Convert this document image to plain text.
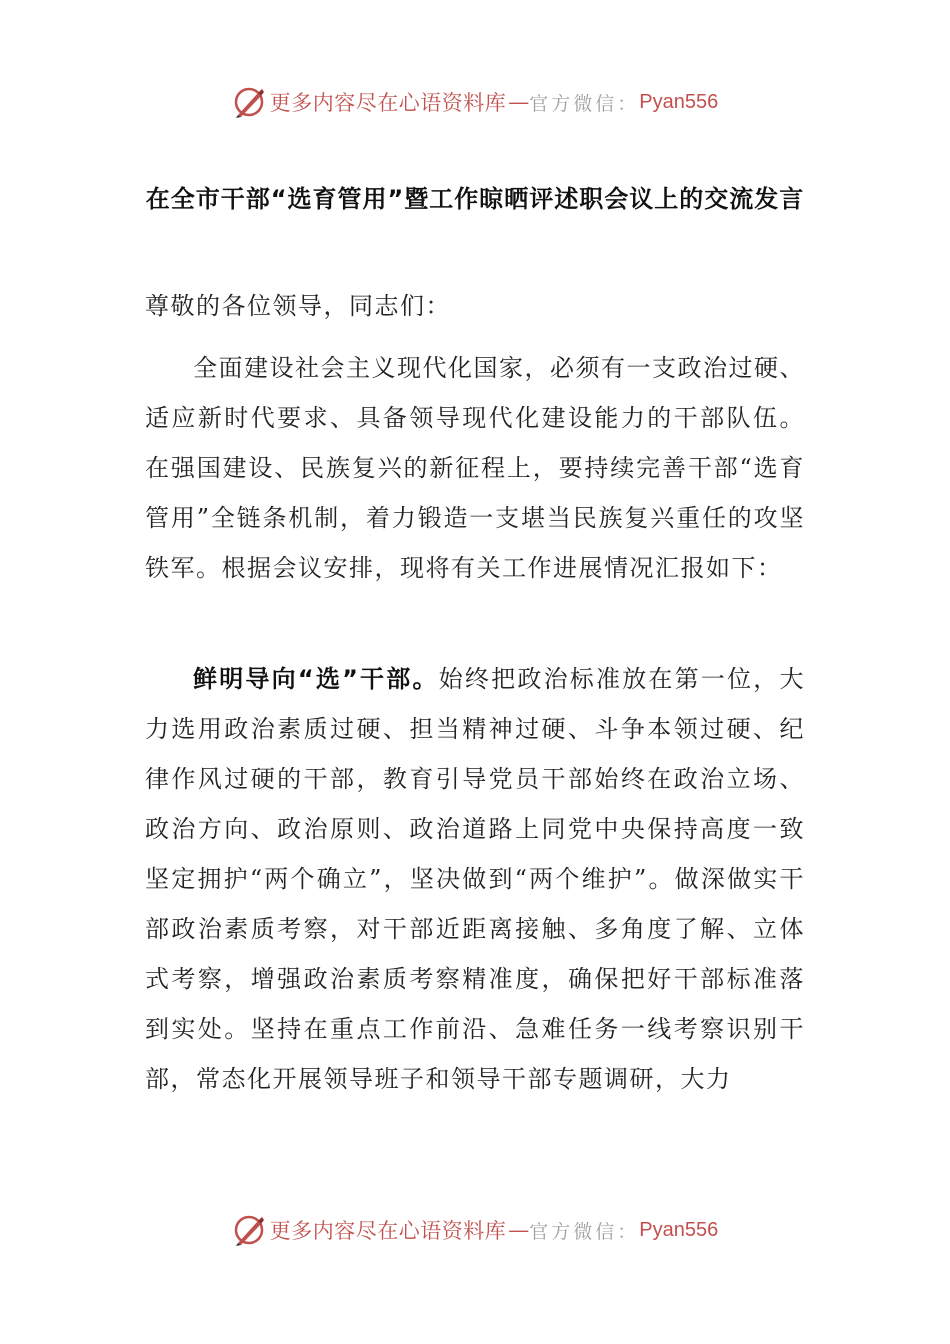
更多内容尽在心语资料库 — 官方微信： Pyan556
在全市干部“选育管用”暨工作晾晒评述职会议上的交流发言

尊敬的各位领导，同志们：

全面建设社会主义现代化国家，必须有一支政治过硬、适应新时代要求、具备领导现代化建设能力的干部队伍。在强国建设、民族复兴的新征程上，要持续完善干部“选育管用”全链条机制，着力锻造一支堪当民族复兴重任的攻坚铁军。根据会议安排，现将有关工作进展情况汇报如下：

鲜明导向“选”干部。始终把政治标准放在第一位，大力选用政治素质过硬、担当精神过硬、斗争本领过硬、纪律作风过硬的干部，教育引导党员干部始终在政治立场、政治方向、政治原则、政治道路上同党中央保持高度一致坚定拥护“两个确立”，坚决做到“两个维护”。做深做实干部政治素质考察，对干部近距离接触、多角度了解、立体式考察，增强政治素质考察精准度，确保把好干部标准落到实处。坚持在重点工作前沿、急难任务一线考察识别干部，常态化开展领导班子和领导干部专题调研，大力

更多内容尽在心语资料库 — 官方微信： Pyan556
